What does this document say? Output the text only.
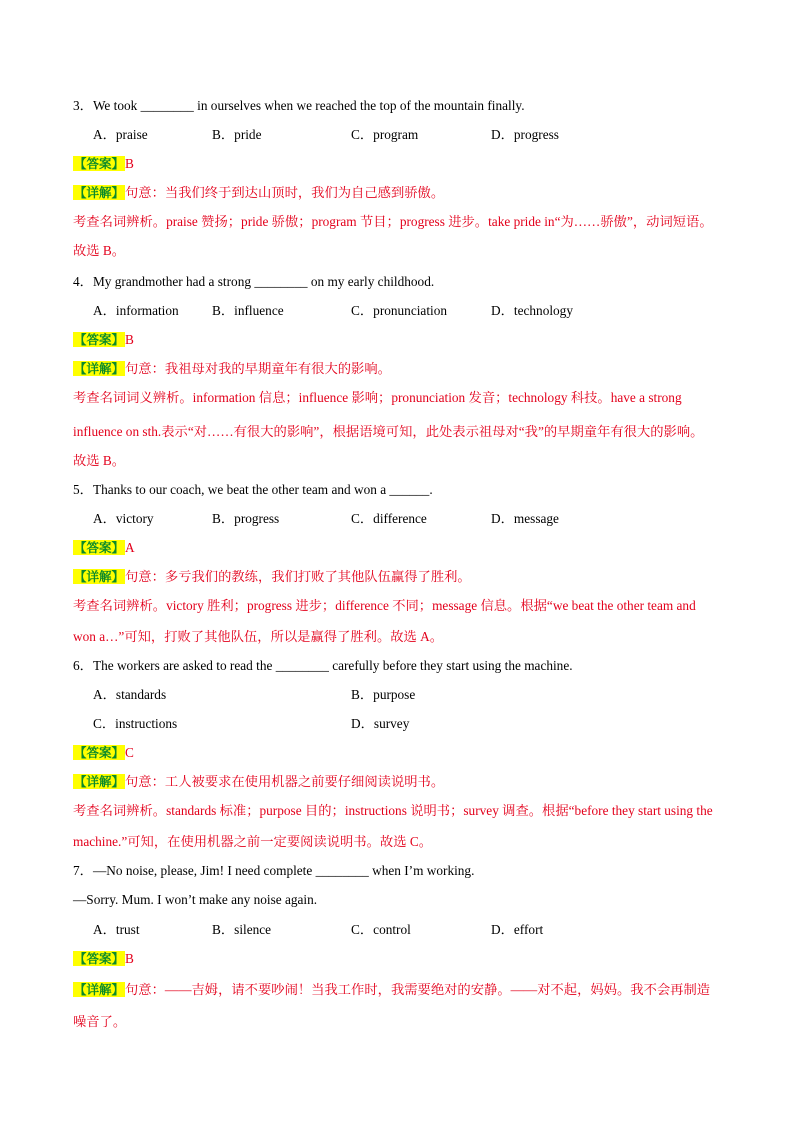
3．We took ________ in ourselves when we reached the top of the mountain finally.
A．praise	B．pride	C．program	D．progress
【答案】B
【详解】句意：当我们终于到达山顶时，我们为自己感到骄傲。
考查名词辨析。praise 赞扬；pride 骄傲；program 节目；progress 进步。take pride in“为……骄傲”，动词短语。
故选 B。
4．My grandmother had a strong ________ on my early childhood.
A．information	B．influence	C．pronunciation	D．technology
【答案】B
【详解】句意：我祖母对我的早期童年有很大的影响。
考查名词词义辨析。information 信息；influence 影响；pronunciation 发音；technology 科技。have a strong
influence on sth.表示“对……有很大的影响”，根据语境可知，此处表示祖母对“我”的早期童年有很大的影响。
故选 B。
5．Thanks to our coach, we beat the other team and won a ______.
A．victory	B．progress	C．difference	D．message
【答案】A
【详解】句意：多亏我们的教练，我们打败了其他队伍赢得了胜利。
考查名词辨析。victory 胜利；progress 进步；difference 不同；message 信息。根据“we beat the other team and
won a…”可知，打败了其他队伍，所以是赢得了胜利。故选 A。
6．The workers are asked to read the ________ carefully before they start using the machine.
A．standards	B．purpose
C．instructions	D．survey
【答案】C
【详解】句意：工人被要求在使用机器之前要仔细阅读说明书。
考查名词辨析。standards 标准；purpose 目的；instructions 说明书；survey 调查。根据“before they start using the
machine.”可知，在使用机器之前一定要阅读说明书。故选 C。
7．—No noise, please, Jim! I need complete ________ when I’m working.
—Sorry. Mum. I won’t make any noise again.
A．trust	B．silence	C．control	D．effort
【答案】B
【详解】句意：——吉姆，请不要吵闹！当我工作时，我需要绝对的安静。——对不起，妈妈。我不会再制造
噪音了。
